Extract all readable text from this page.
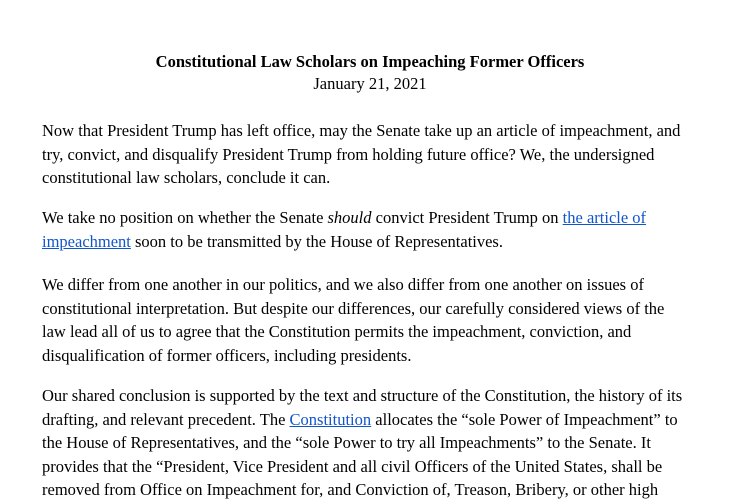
Constitutional Law Scholars on Impeaching Former Officers
January 21, 2021

Now that President Trump has left office, may the Senate take up an article of impeachment, and
try, convict, and disqualify President Trump from holding future office? We, the undersigned
constitutional law scholars, conclude it can.

We take no position on whether the Senate should convict President Trump on the article of
impeachment soon to be transmitted by the House of Representatives.

We differ from one another in our politics, and we also differ from one another on issues of
constitutional interpretation. But despite our differences, our carefully considered views of the
law lead all of us to agree that the Constitution permits the impeachment, conviction, and
disqualification of former officers, including presidents.

Our shared conclusion is supported by the text and structure of the Constitution, the history of its
drafting, and relevant precedent. The Constitution allocates the “sole Power of Impeachment” to
the House of Representatives, and the “sole Power to try all Impeachments” to the Senate. It
provides that the “President, Vice President and all civil Officers of the United States, shall be
removed from Office on Impeachment for, and Conviction of, Treason, Bribery, or other high
